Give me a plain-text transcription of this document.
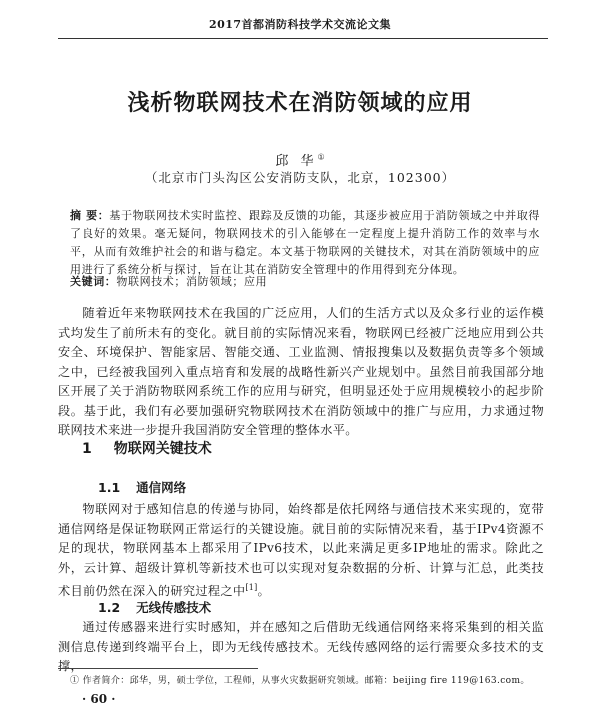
2017首都消防科技学术交流论文集
浅析物联网技术在消防领域的应用
邱 华①
（北京市门头沟区公安消防支队，北京，102300）
摘 要：基于物联网技术实时监控、跟踪及反馈的功能，其逐步被应用于消防领域之中并取得了良好的效果。毫无疑问，物联网技术的引入能够在一定程度上提升消防工作的效率与水平，从而有效维护社会的和谐与稳定。本文基于物联网的关键技术，对其在消防领域中的应用进行了系统分析与探讨，旨在让其在消防安全管理中的作用得到充分体现。
关键词：物联网技术；消防领域；应用

随着近年来物联网技术在我国的广泛应用，人们的生活方式以及众多行业的运作模式均发生了前所未有的变化。就目前的实际情况来看，物联网已经被广泛地应用到公共安全、环境保护、智能家居、智能交通、工业监测、情报搜集以及数据负责等多个领域之中，已经被我国列入重点培育和发展的战略性新兴产业规划中。虽然目前我国部分地区开展了关于消防物联网系统工作的应用与研究，但明显还处于应用规模较小的起步阶段。基于此，我们有必要加强研究物联网技术在消防领域中的推广与应用，力求通过物联网技术来进一步提升我国消防安全管理的整体水平。

1 物联网关键技术
1.1 通信网络

物联网对于感知信息的传递与协同，始终都是依托网络与通信技术来实现的，宽带通信网络是保证物联网正常运行的关键设施。就目前的实际情况来看，基于IPv4资源不足的现状，物联网基本上都采用了IPv6技术，以此来满足更多IP地址的需求。除此之外，云计算、超级计算机等新技术也可以实现对复杂数据的分析、计算与汇总，此类技术目前仍然在深入的研究过程之中[1]。

1.2 无线传感技术

通过传感器来进行实时感知，并在感知之后借助无线通信网络来将采集到的相关监测信息传递到终端平台上，即为无线传感技术。无线传感网络的运行需要众多技术的支撑，

① 作者简介：邱华，男，硕士学位，工程师，从事火灾数据研究领域。邮箱：beijing fire 119@163.com。
· 60 ·
